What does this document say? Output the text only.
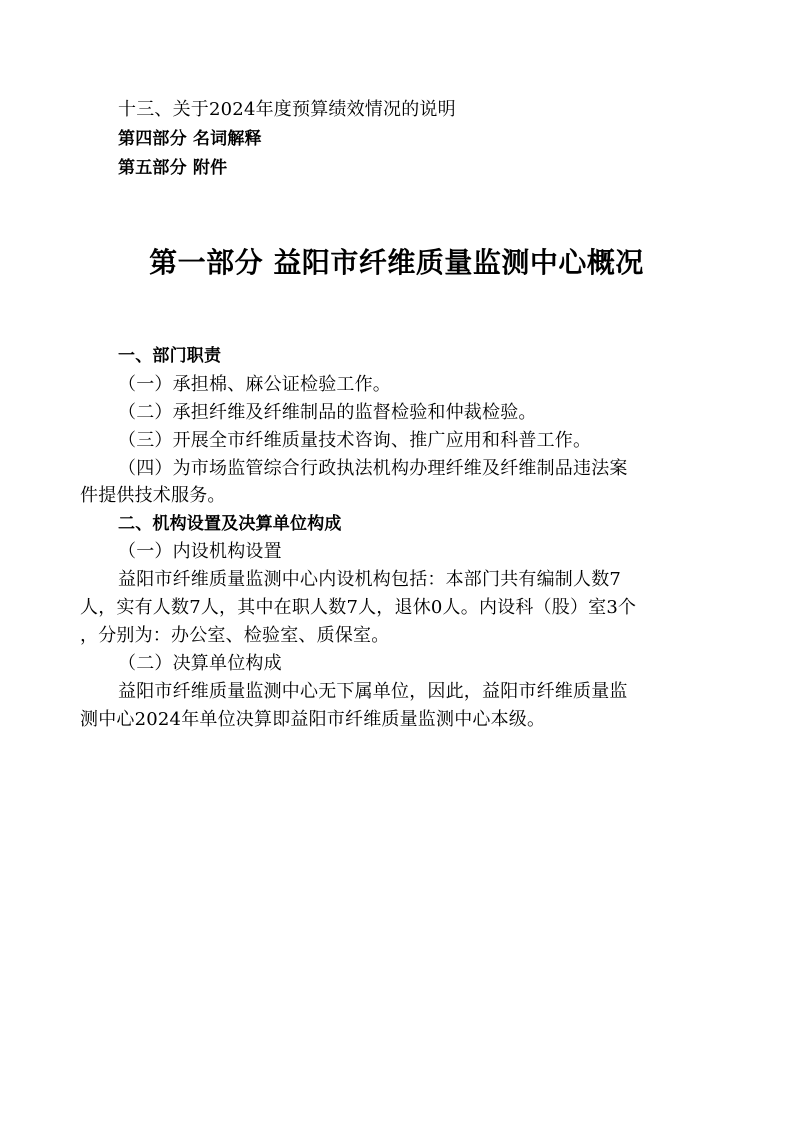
十三、关于2024年度预算绩效情况的说明
第四部分 名词解释
第五部分 附件
第一部分 益阳市纤维质量监测中心概况
一、部门职责
（一）承担棉、麻公证检验工作。
（二）承担纤维及纤维制品的监督检验和仲裁检验。
（三）开展全市纤维质量技术咨询、推广应用和科普工作。
（四）为市场监管综合行政执法机构办理纤维及纤维制品违法案
件提供技术服务。
二、机构设置及决算单位构成
（一）内设机构设置
益阳市纤维质量监测中心内设机构包括：本部门共有编制人数7
人，实有人数7人，其中在职人数7人，退休0人。内设科（股）室3个
，分别为：办公室、检验室、质保室。
（二）决算单位构成
益阳市纤维质量监测中心无下属单位，因此，益阳市纤维质量监
测中心2024年单位决算即益阳市纤维质量监测中心本级。
